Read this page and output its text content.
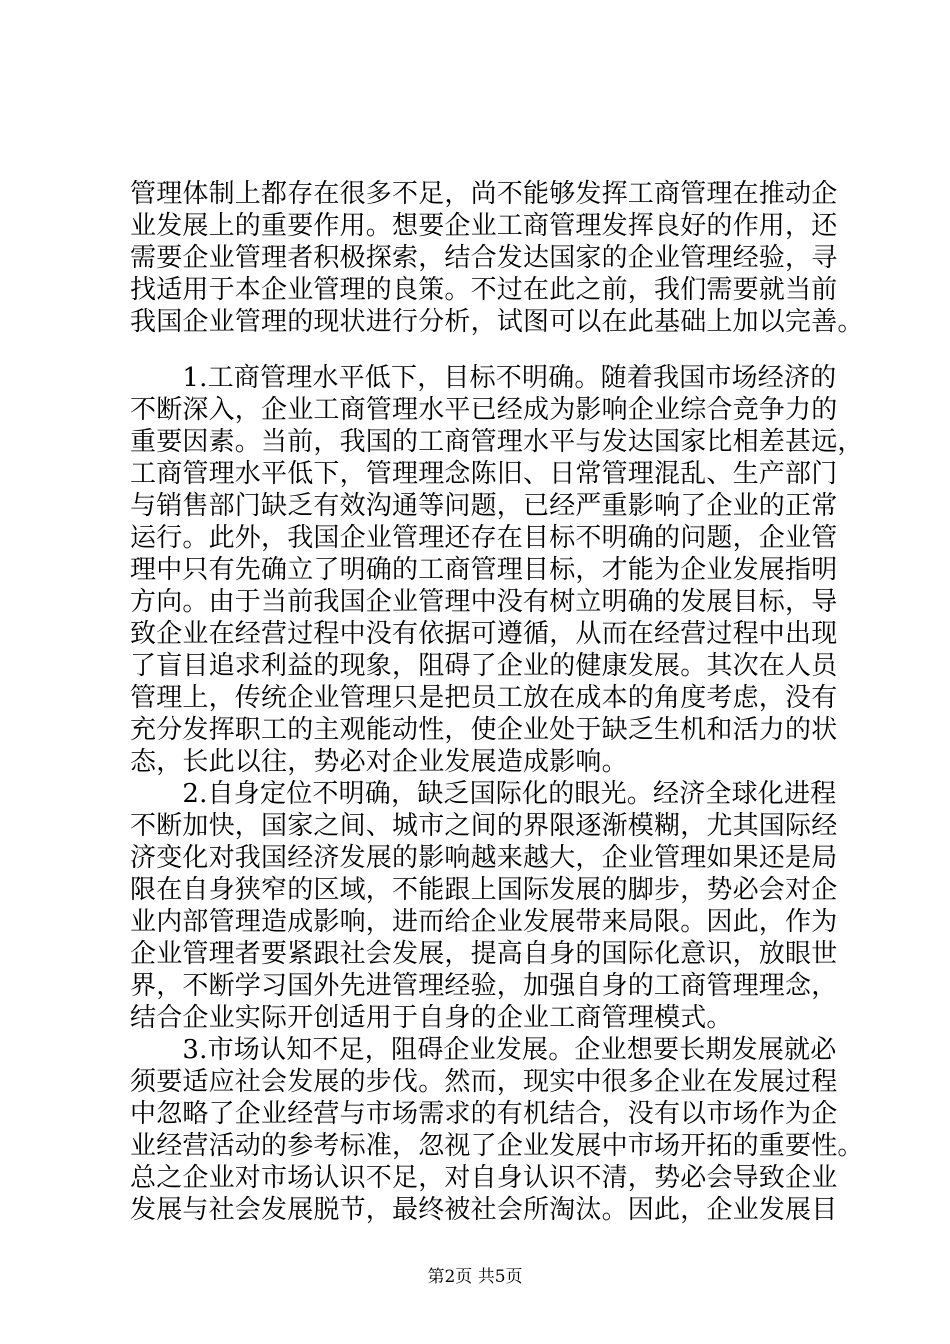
管理体制上都存在很多不足，尚不能够发挥工商管理在推动企
业发展上的重要作用。想要企业工商管理发挥良好的作用，还
需要企业管理者积极探索，结合发达国家的企业管理经验，寻
找适用于本企业管理的良策。不过在此之前，我们需要就当前
我国企业管理的现状进行分析，试图可以在此基础上加以完善。
　　1.工商管理水平低下，目标不明确。随着我国市场经济的
不断深入，企业工商管理水平已经成为影响企业综合竞争力的
重要因素。当前，我国的工商管理水平与发达国家比相差甚远，
工商管理水平低下，管理理念陈旧、日常管理混乱、生产部门
与销售部门缺乏有效沟通等问题，已经严重影响了企业的正常
运行。此外，我国企业管理还存在目标不明确的问题，企业管
理中只有先确立了明确的工商管理目标，才能为企业发展指明
方向。由于当前我国企业管理中没有树立明确的发展目标，导
致企业在经营过程中没有依据可遵循，从而在经营过程中出现
了盲目追求利益的现象，阻碍了企业的健康发展。其次在人员
管理上，传统企业管理只是把员工放在成本的角度考虑，没有
充分发挥职工的主观能动性，使企业处于缺乏生机和活力的状
态，长此以往，势必对企业发展造成影响。
　　2.自身定位不明确，缺乏国际化的眼光。经济全球化进程
不断加快，国家之间、城市之间的界限逐渐模糊，尤其国际经
济变化对我国经济发展的影响越来越大，企业管理如果还是局
限在自身狭窄的区域，不能跟上国际发展的脚步，势必会对企
业内部管理造成影响，进而给企业发展带来局限。因此，作为
企业管理者要紧跟社会发展，提高自身的国际化意识，放眼世
界，不断学习国外先进管理经验，加强自身的工商管理理念，
结合企业实际开创适用于自身的企业工商管理模式。
　　3.市场认知不足，阻碍企业发展。企业想要长期发展就必
须要适应社会发展的步伐。然而，现实中很多企业在发展过程
中忽略了企业经营与市场需求的有机结合，没有以市场作为企
业经营活动的参考标准，忽视了企业发展中市场开拓的重要性。
总之企业对市场认识不足，对自身认识不清，势必会导致企业
发展与社会发展脱节，最终被社会所淘汰。因此，企业发展目
第2页 共5页
